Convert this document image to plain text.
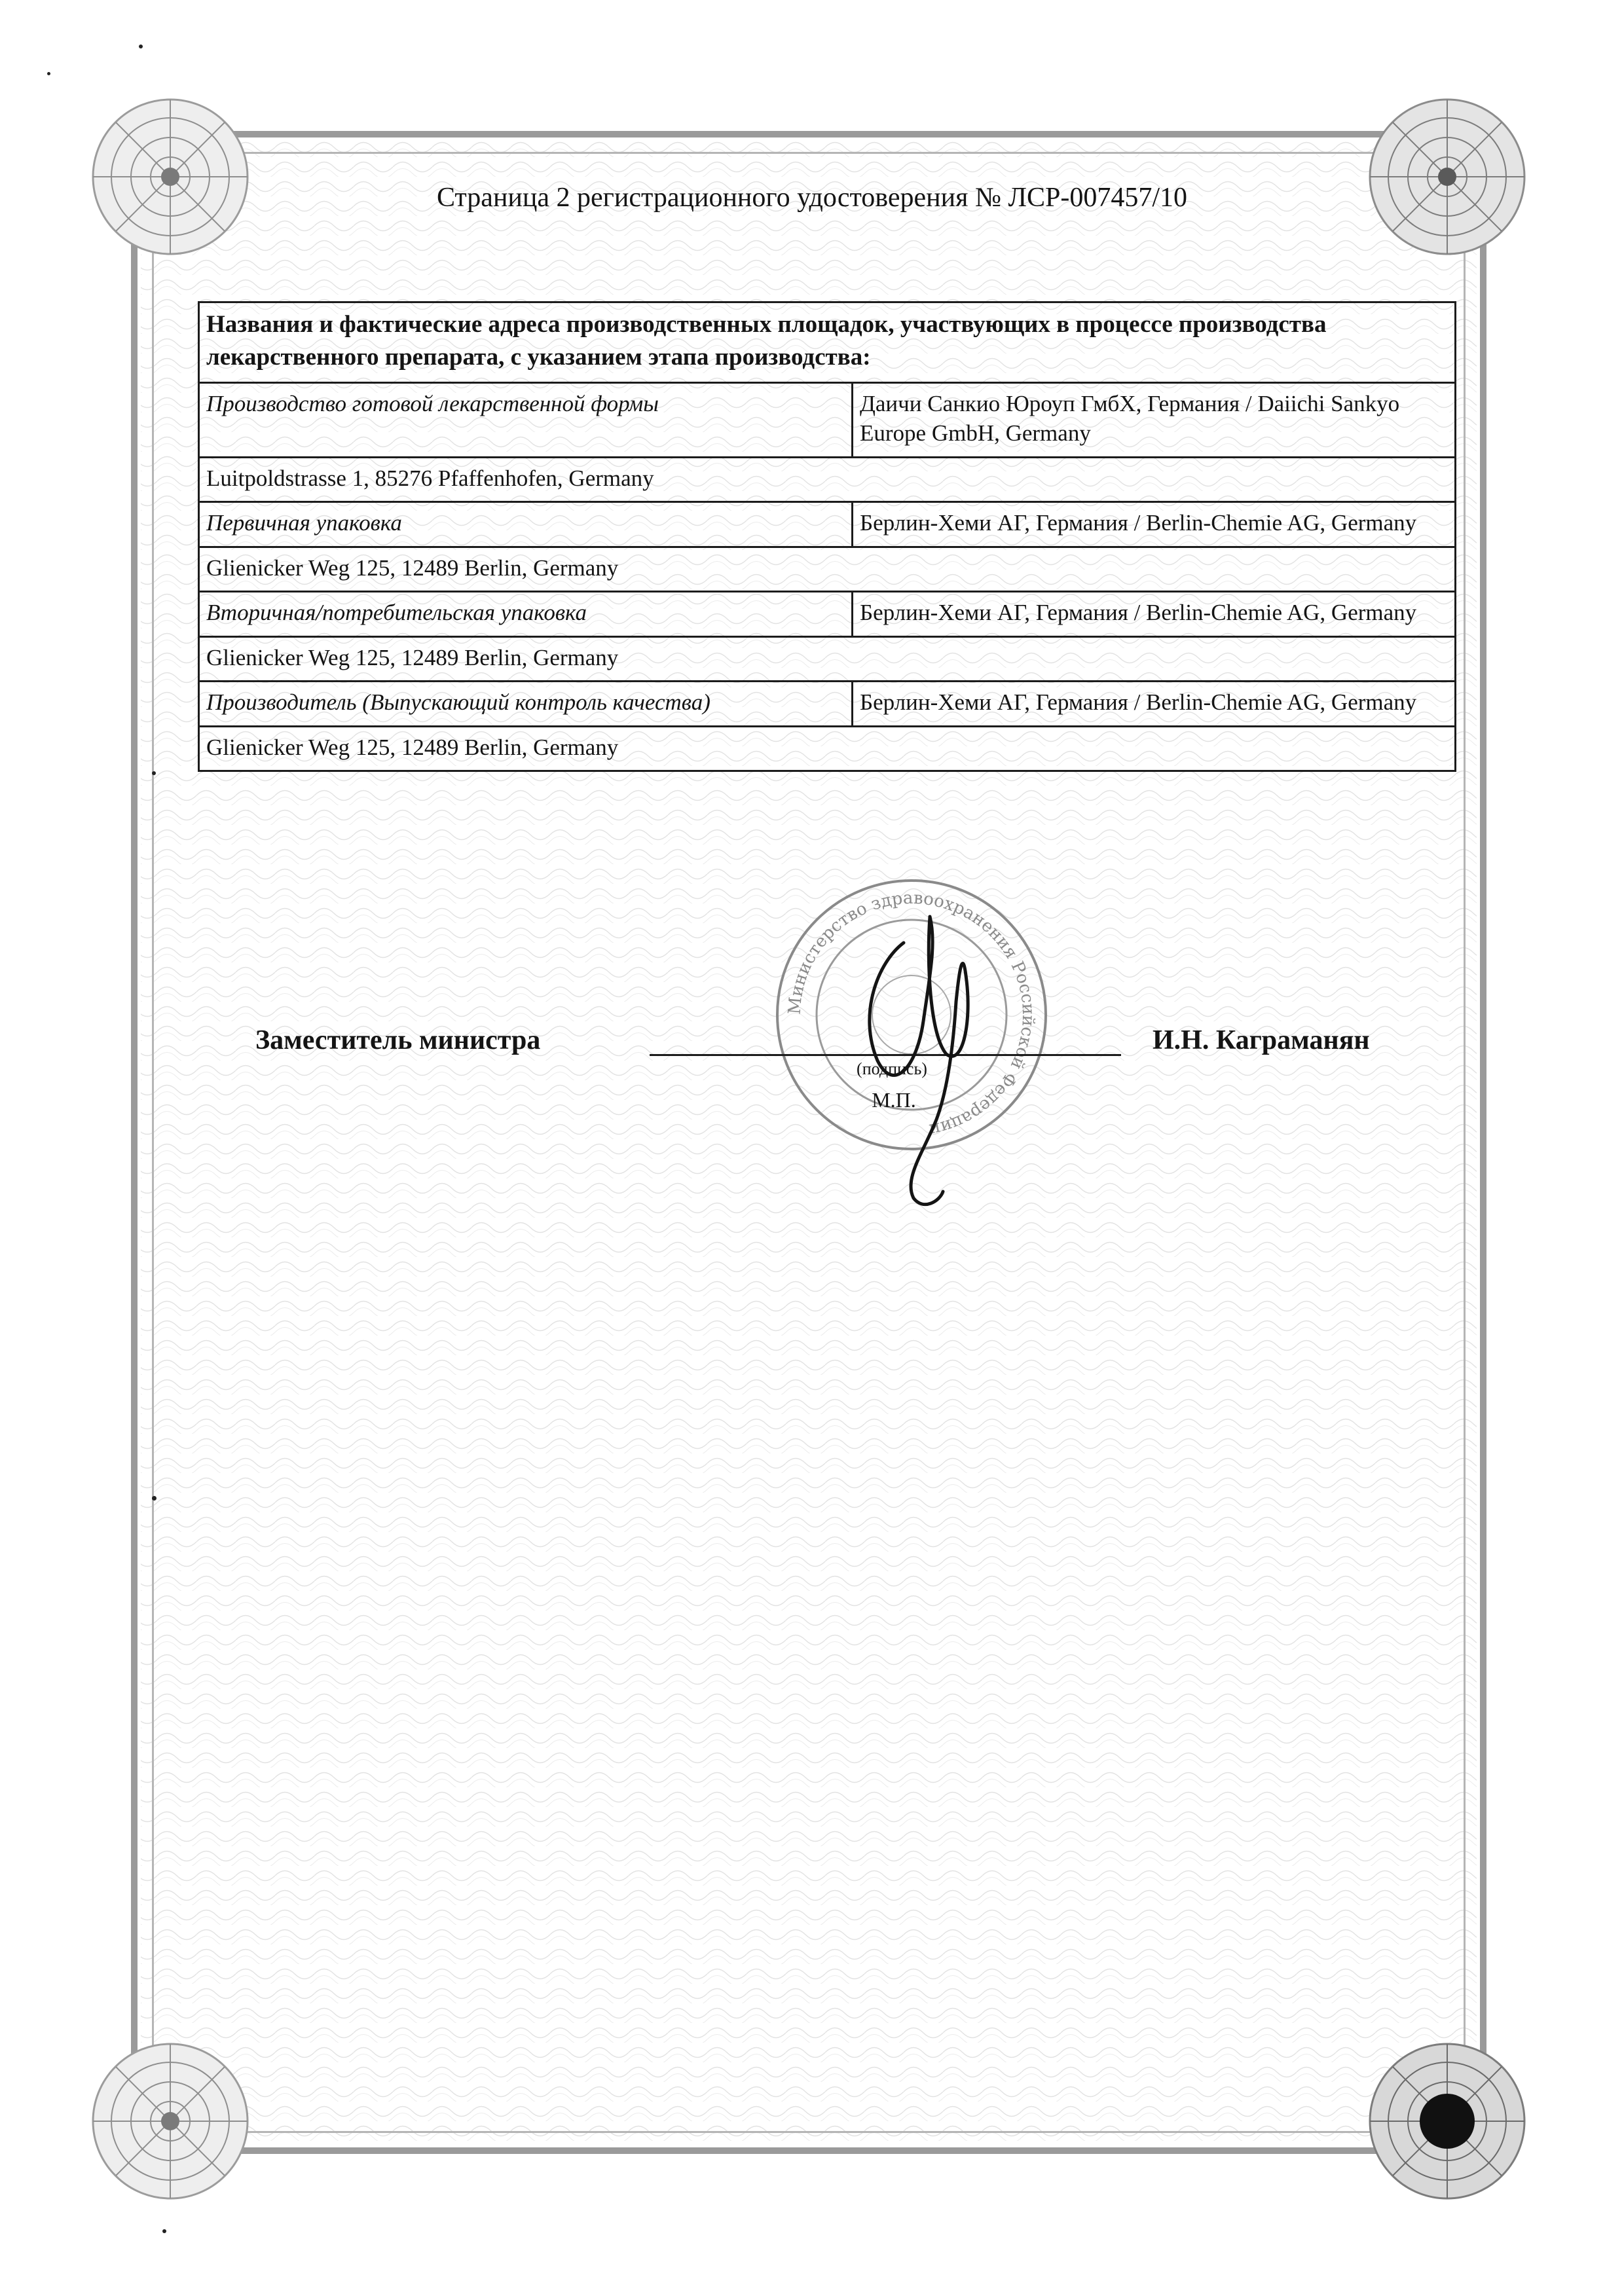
Страница 2 регистрационного удостоверения № ЛСР-007457/10
Названия и фактические адреса производственных площадок, участвующих в процессе производства лекарственного препарата, с указанием этапа производства:	
Производство готовой лекарственной формы	Даичи Санкио Юроуп ГмбХ, Германия / Daiichi Sankyo Europe GmbH, Germany
Luitpoldstrasse 1, 85276 Pfaffenhofen, Germany	
Первичная упаковка	Берлин-Хеми АГ, Германия / Berlin-Chemie AG, Germany
Glienicker Weg 125, 12489 Berlin, Germany	
Вторичная/потребительская упаковка	Берлин-Хеми АГ, Германия / Berlin-Chemie AG, Germany
Glienicker Weg 125, 12489 Berlin, Germany	
Производитель (Выпускающий контроль качества)	Берлин-Хеми АГ, Германия / Berlin-Chemie AG, Germany
Glienicker Weg 125, 12489 Berlin, Germany	
Министерство здравоохранения Российской Федерации
Заместитель министра	И.Н. Каграманян
(подпись)
М.П.
